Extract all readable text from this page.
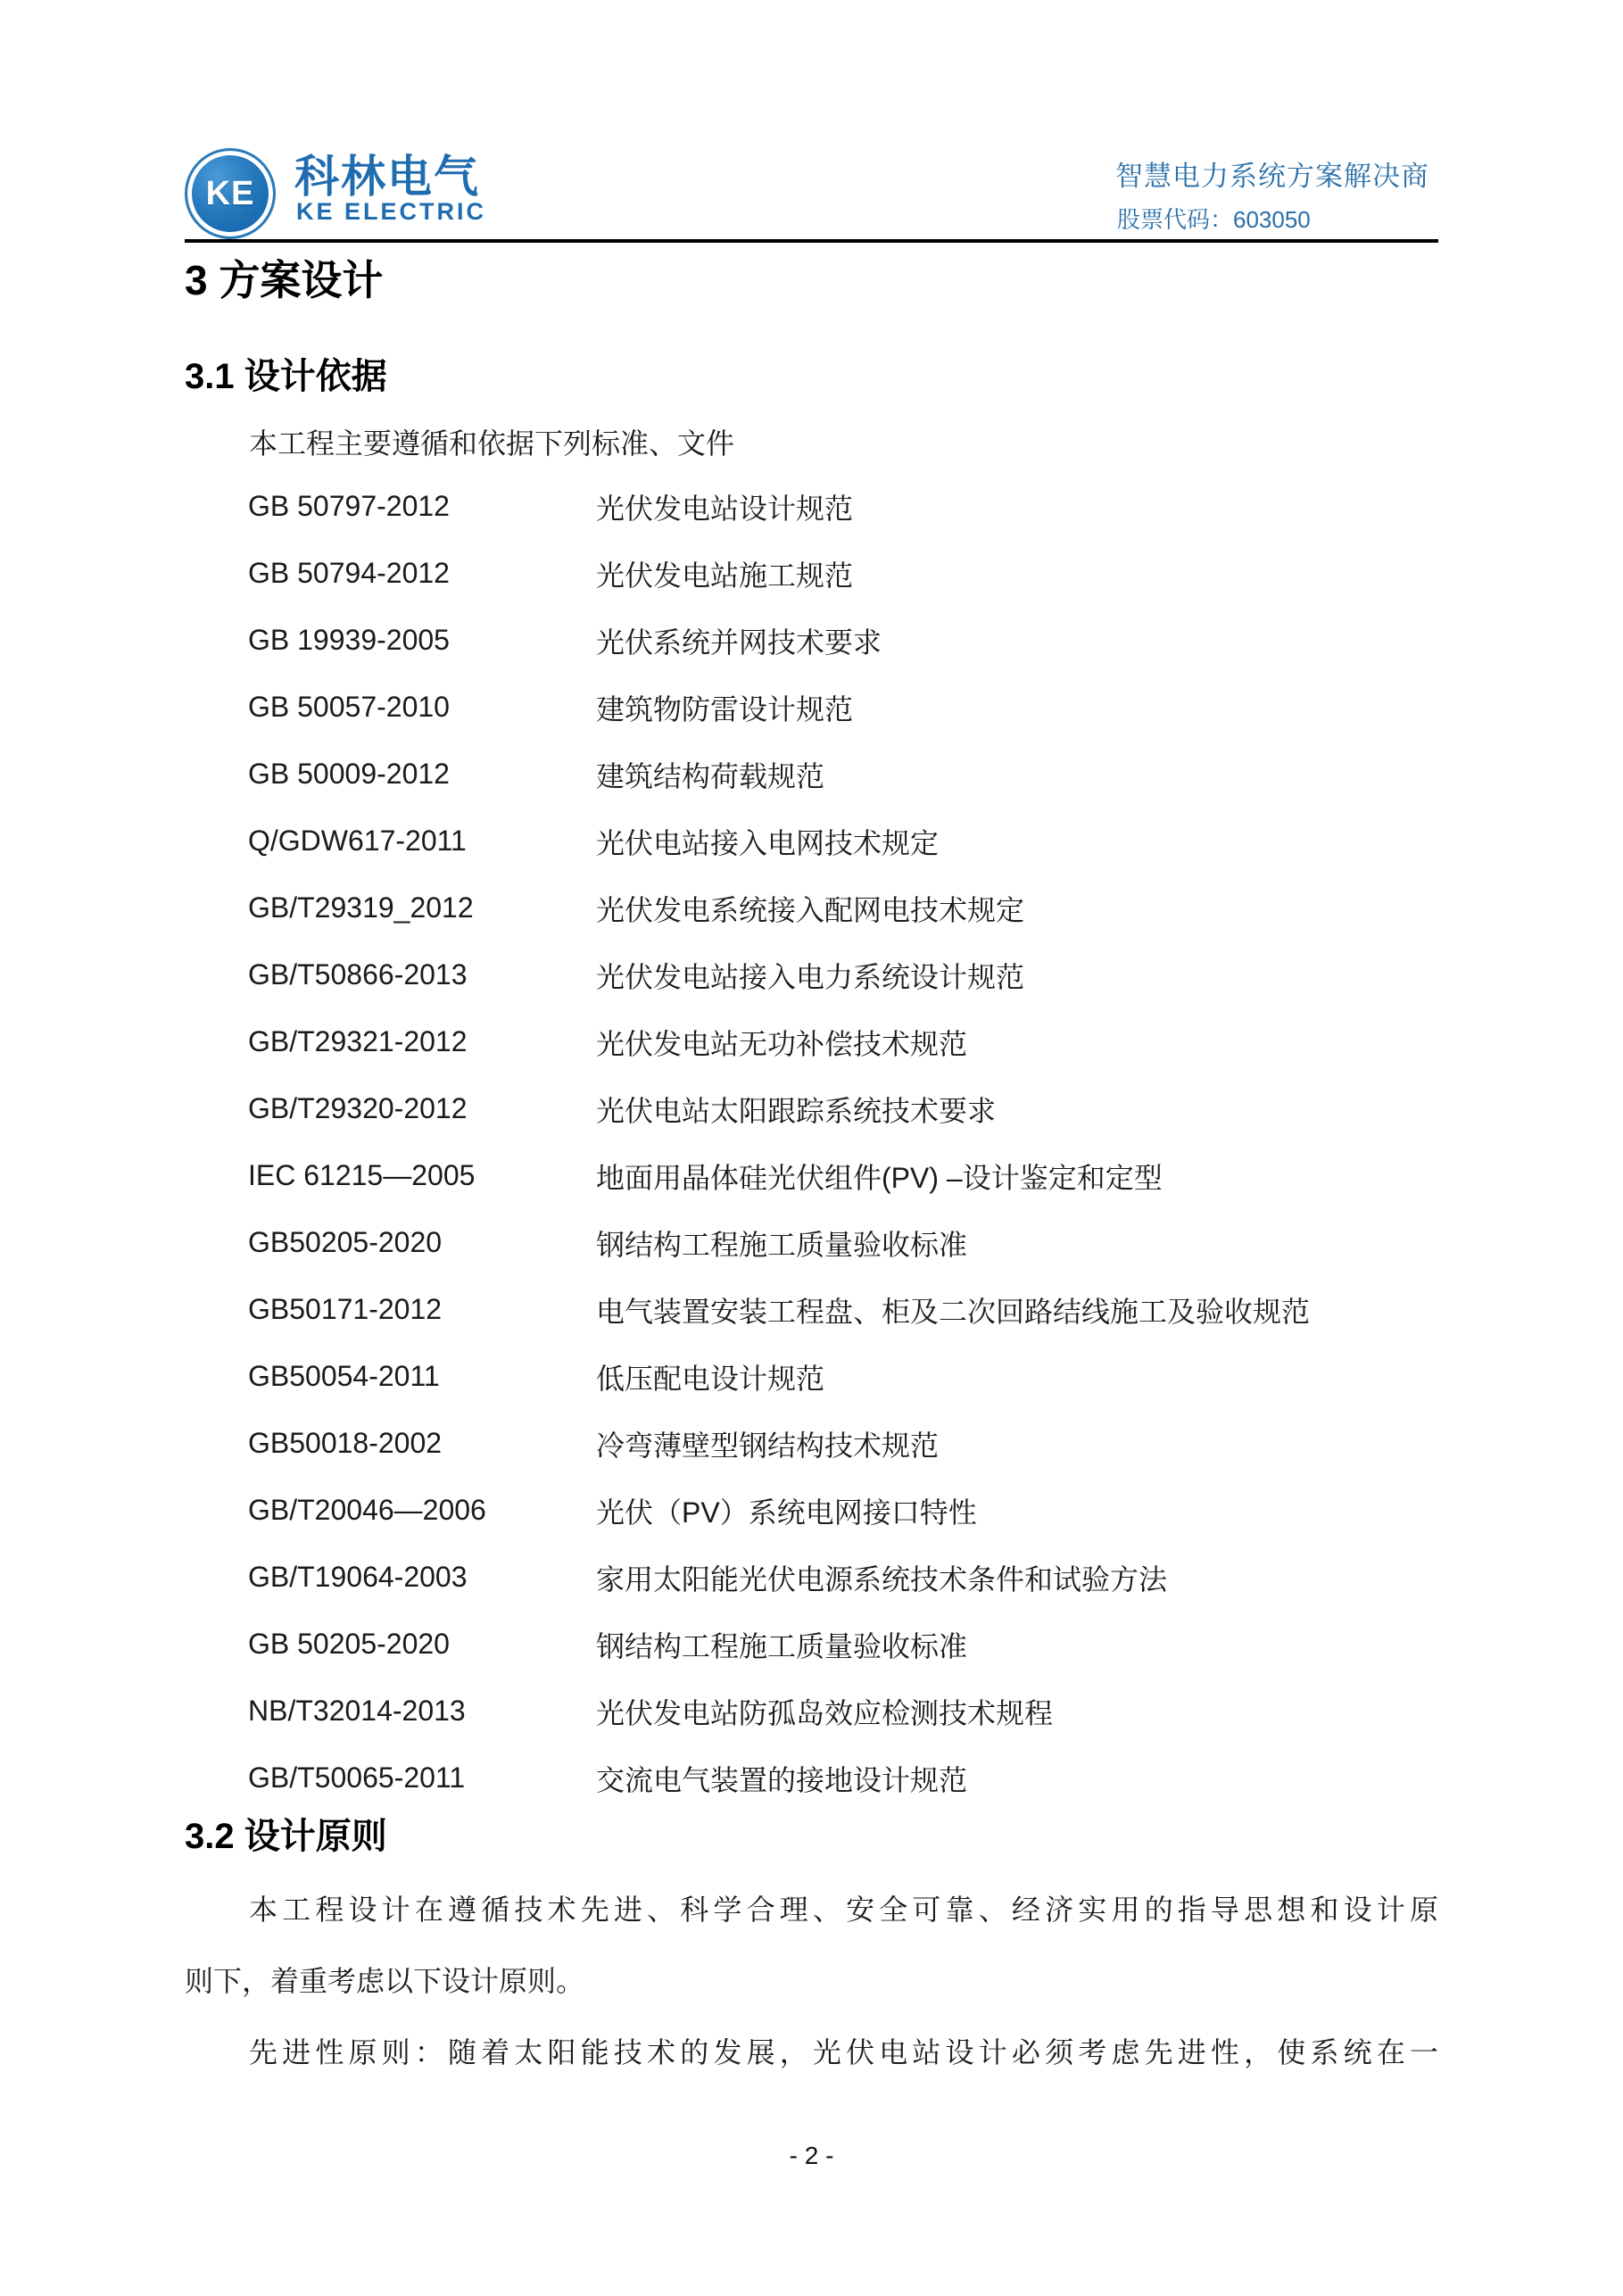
KE 科林电气
KE ELECTRIC
智慧电力系统方案解决商
股票代码：603050
3 方案设计
3.1 设计依据
本工程主要遵循和依据下列标准、文件
GB 50797-2012	光伏发电站设计规范
GB 50794-2012	光伏发电站施工规范
GB 19939-2005	光伏系统并网技术要求
GB 50057-2010	建筑物防雷设计规范
GB 50009-2012	建筑结构荷载规范
Q/GDW617-2011	光伏电站接入电网技术规定
GB/T29319_2012	光伏发电系统接入配网电技术规定
GB/T50866-2013	光伏发电站接入电力系统设计规范
GB/T29321-2012	光伏发电站无功补偿技术规范
GB/T29320-2012	光伏电站太阳跟踪系统技术要求
IEC 61215—2005	地面用晶体硅光伏组件(PV) –设计鉴定和定型
GB50205-2020	钢结构工程施工质量验收标准
GB50171-2012	电气装置安装工程盘、柜及二次回路结线施工及验收规范
GB50054-2011	低压配电设计规范
GB50018-2002	冷弯薄壁型钢结构技术规范
GB/T20046—2006	光伏（PV）系统电网接口特性
GB/T19064-2003	家用太阳能光伏电源系统技术条件和试验方法
GB 50205-2020	钢结构工程施工质量验收标准
NB/T32014-2013	光伏发电站防孤岛效应检测技术规程
GB/T50065-2011	交流电气装置的接地设计规范
3.2 设计原则
本工程设计在遵循技术先进、科学合理、安全可靠、经济实用的指导思想和设计原
则下，着重考虑以下设计原则。
先进性原则：随着太阳能技术的发展，光伏电站设计必须考虑先进性，使系统在一
- 2 -
